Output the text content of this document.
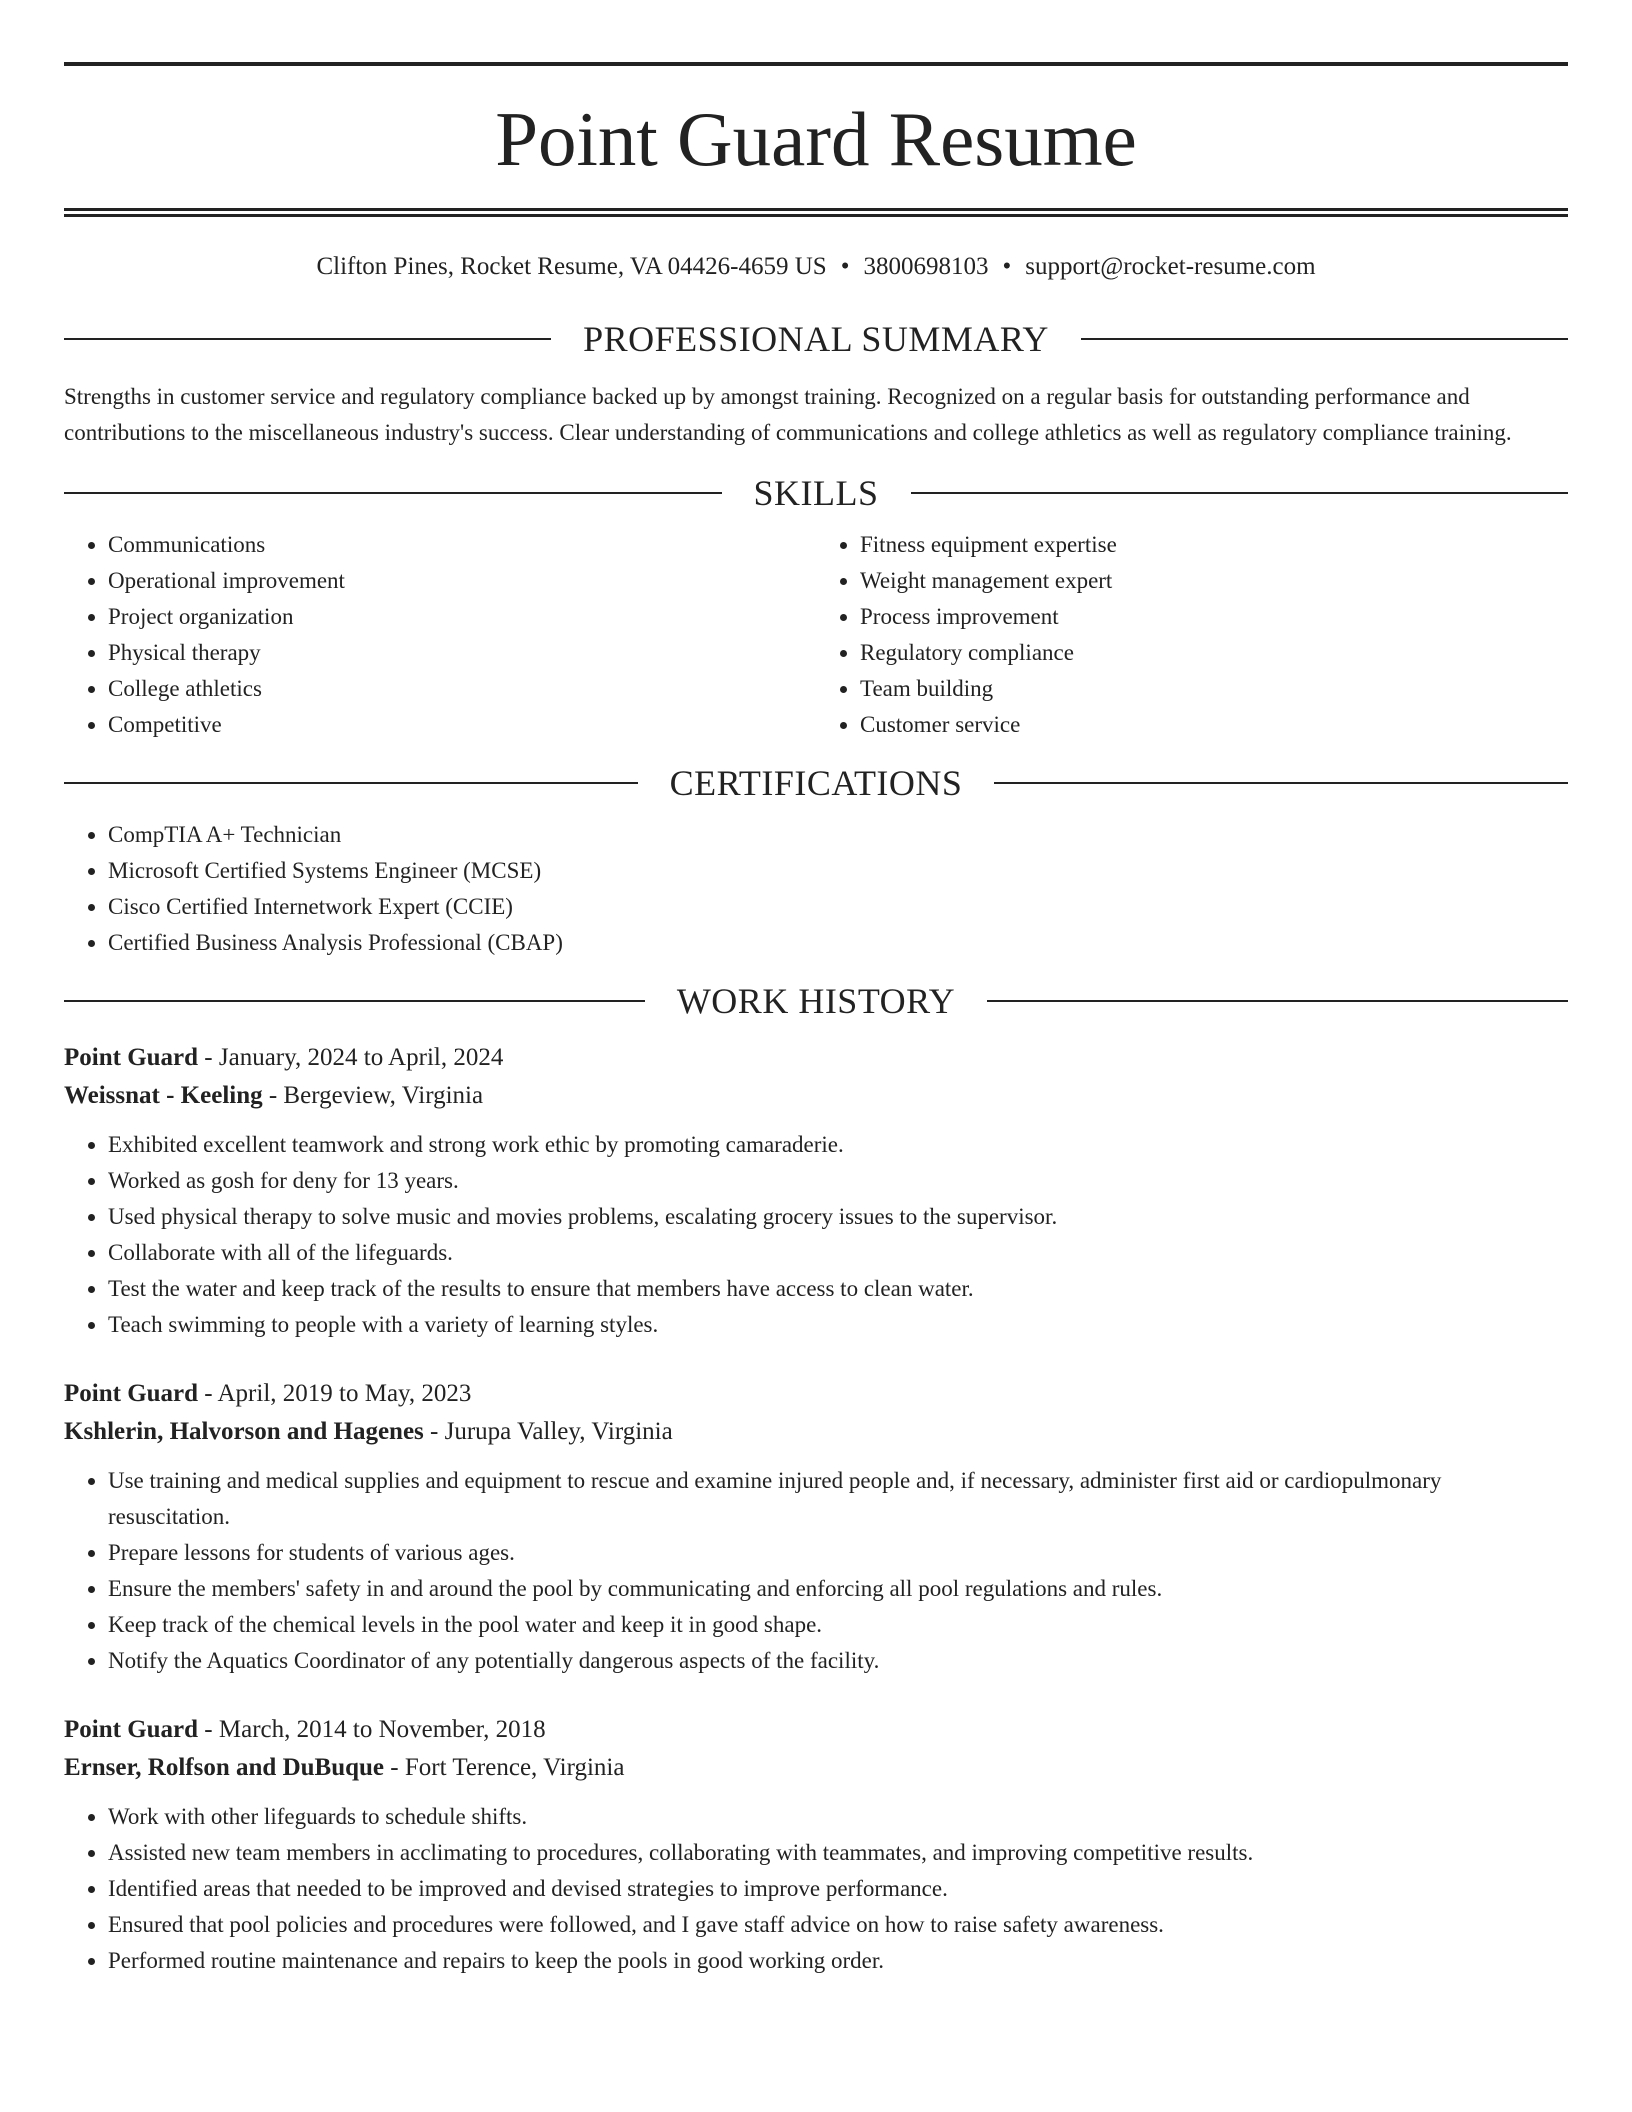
Point Guard Resume
Clifton Pines, Rocket Resume, VA 04426-4659 US • 3800698103 • support@rocket-resume.com
PROFESSIONAL SUMMARY

Strengths in customer service and regulatory compliance backed up by amongst training. Recognized on a regular basis for outstanding performance and contributions to the miscellaneous industry's success. Clear understanding of communications and college athletics as well as regulatory compliance training.

SKILLS
• Communications
• Operational improvement
• Project organization
• Physical therapy
• College athletics
• Competitive
• Fitness equipment expertise
• Weight management expert
• Process improvement
• Regulatory compliance
• Team building
• Customer service
CERTIFICATIONS
• CompTIA A+ Technician
• Microsoft Certified Systems Engineer (MCSE)
• Cisco Certified Internetwork Expert (CCIE)
• Certified Business Analysis Professional (CBAP)
WORK HISTORY
Point Guard - January, 2024 to April, 2024
Weissnat - Keeling - Bergeview, Virginia
• Exhibited excellent teamwork and strong work ethic by promoting camaraderie.
• Worked as gosh for deny for 13 years.
• Used physical therapy to solve music and movies problems, escalating grocery issues to the supervisor.
• Collaborate with all of the lifeguards.
• Test the water and keep track of the results to ensure that members have access to clean water.
• Teach swimming to people with a variety of learning styles.
Point Guard - April, 2019 to May, 2023
Kshlerin, Halvorson and Hagenes - Jurupa Valley, Virginia
• Use training and medical supplies and equipment to rescue and examine injured people and, if necessary, administer first aid or cardiopulmonary resuscitation.
• Prepare lessons for students of various ages.
• Ensure the members' safety in and around the pool by communicating and enforcing all pool regulations and rules.
• Keep track of the chemical levels in the pool water and keep it in good shape.
• Notify the Aquatics Coordinator of any potentially dangerous aspects of the facility.
Point Guard - March, 2014 to November, 2018
Ernser, Rolfson and DuBuque - Fort Terence, Virginia
• Work with other lifeguards to schedule shifts.
• Assisted new team members in acclimating to procedures, collaborating with teammates, and improving competitive results.
• Identified areas that needed to be improved and devised strategies to improve performance.
• Ensured that pool policies and procedures were followed, and I gave staff advice on how to raise safety awareness.
• Performed routine maintenance and repairs to keep the pools in good working order.
